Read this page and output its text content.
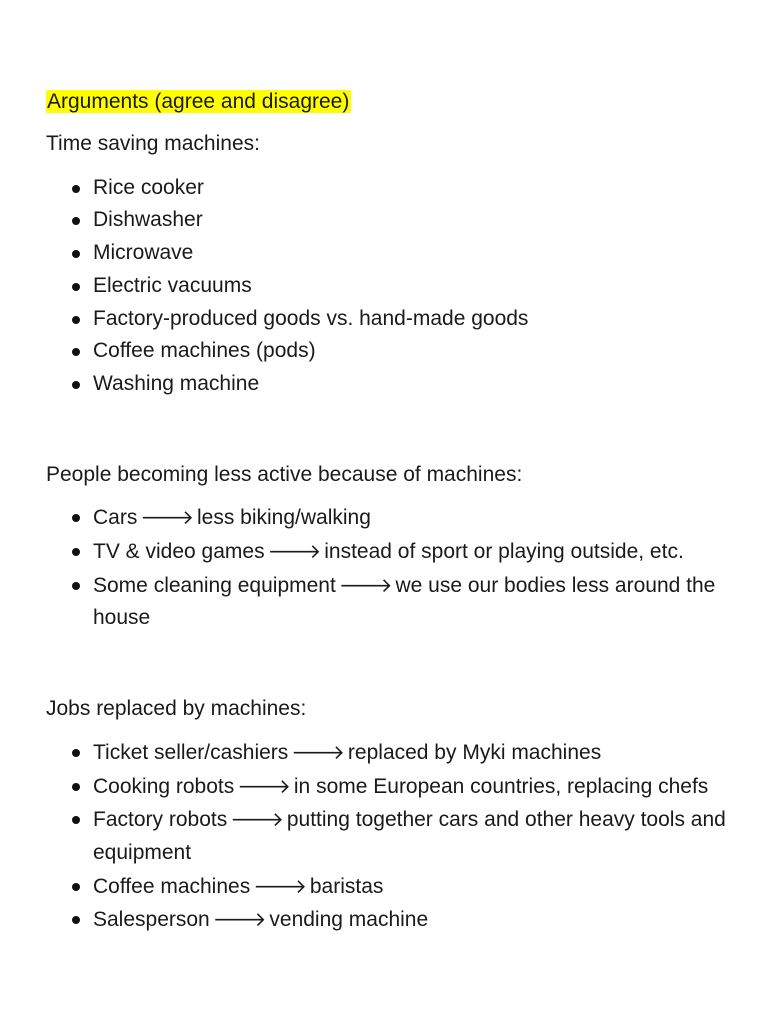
Arguments (agree and disagree)

Time saving machines:

Rice cooker
Dishwasher
Microwave
Electric vacuums
Factory-produced goods vs. hand-made goods
Coffee machines (pods)
Washing machine

People becoming less active because of machines:

Cars 🡒 less biking/walking
TV & video games 🡒 instead of sport or playing outside, etc.
Some cleaning equipment 🡒 we use our bodies less around the house

Jobs replaced by machines:

Ticket seller/cashiers 🡒 replaced by Myki machines
Cooking robots 🡒 in some European countries, replacing chefs
Factory robots 🡒 putting together cars and other heavy tools and equipment
Coffee machines 🡒 baristas
Salesperson 🡒 vending machine
